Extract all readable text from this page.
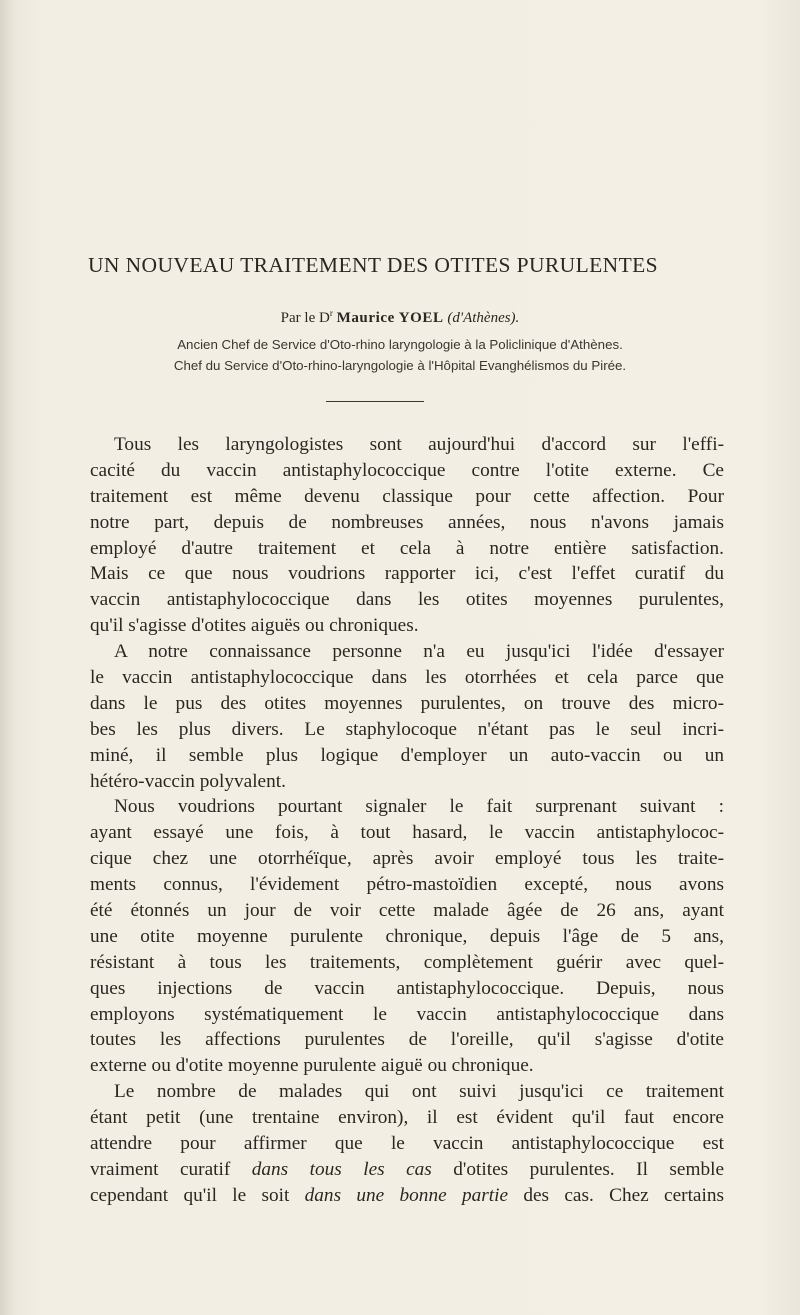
UN NOUVEAU TRAITEMENT DES OTITES PURULENTES
Par le $D^r$ Maurice YOEL (d'Athènes).
Ancien Chef de Service d'Oto-rhino laryngologie à la Policlinique d'Athènes.
Chef du Service d'Oto-rhino-laryngologie à l'Hôpital Evanghélismos du Pirée.
Tous les laryngologistes sont aujourd'hui d'accord sur l'effi-
cacité du vaccin antistaphylococcique contre l'otite externe. Ce
traitement est même devenu classique pour cette affection. Pour
notre part, depuis de nombreuses années, nous n'avons jamais
employé d'autre traitement et cela à notre entière satisfaction.
Mais ce que nous voudrions rapporter ici, c'est l'effet curatif du
vaccin antistaphylococcique dans les otites moyennes purulentes,
qu'il s'agisse d'otites aiguës ou chroniques.
A notre connaissance personne n'a eu jusqu'ici l'idée d'essayer
le vaccin antistaphylococcique dans les otorrhées et cela parce que
dans le pus des otites moyennes purulentes, on trouve des micro-
bes les plus divers. Le staphylocoque n'étant pas le seul incri-
miné, il semble plus logique d'employer un auto-vaccin ou un
hétéro-vaccin polyvalent.
Nous voudrions pourtant signaler le fait surprenant suivant :
ayant essayé une fois, à tout hasard, le vaccin antistaphylococ-
cique chez une otorrhéïque, après avoir employé tous les traite-
ments connus, l'évidement pétro-mastoïdien excepté, nous avons
été étonnés un jour de voir cette malade âgée de 26 ans, ayant
une otite moyenne purulente chronique, depuis l'âge de 5 ans,
résistant à tous les traitements, complètement guérir avec quel-
ques injections de vaccin antistaphylococcique. Depuis, nous
employons systématiquement le vaccin antistaphylococcique dans
toutes les affections purulentes de l'oreille, qu'il s'agisse d'otite
externe ou d'otite moyenne purulente aiguë ou chronique.
Le nombre de malades qui ont suivi jusqu'ici ce traitement
étant petit (une trentaine environ), il est évident qu'il faut encore
attendre pour affirmer que le vaccin antistaphylococcique est
vraiment curatif dans tous les cas d'otites purulentes. Il semble
cependant qu'il le soit dans une bonne partie des cas. Chez certains
